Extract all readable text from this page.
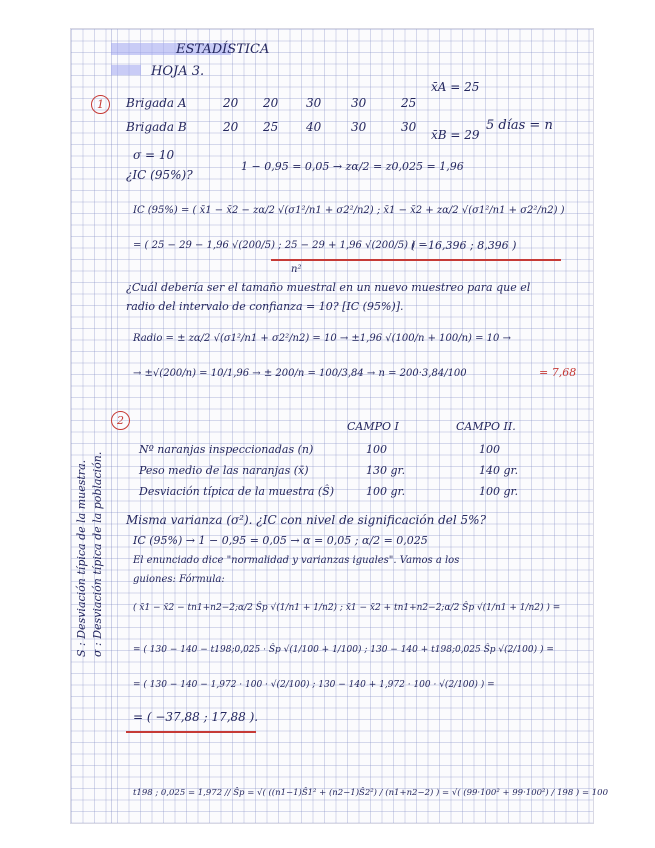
ESTADÍSTICA
HOJA 3.
1	Brigada A	20 20 30 30	25
x̄A = 25
Brigada B	20 25 40 30	30
x̄B = 29
5 días = n
σ = 10
¿IC (95%)?
1 − 0,95 = 0,05 → zα/2 = z0,025 = 1,96
IC (95%) = ( x̄1 − x̄2 − zα/2 √(σ1²/n1 + σ2²/n2) ; x̄1 − x̄2 + zα/2 √(σ1²/n1 + σ2²/n2) )
= ( 25 − 29 − 1,96 √(200/5) ; 25 − 29 + 1,96 √(200/5) ) =
( −16,396 ; 8,396 )
n²
¿Cuál debería ser el tamaño muestral en un nuevo muestreo para que el
radio del intervalo de confianza = 10? [IC (95%)].
Radio = ± zα/2 √(σ1²/n1 + σ2²/n2) = 10 → ±1,96 √(100/n + 100/n) = 10 →
→ ±√(200/n) = 10/1,96 → ± 200/n = 100/3,84 → n = 200·3,84/100	= 7,68
2	CAMPO I	CAMPO II.
Nº naranjas inspeccionadas (n)	100	100
Peso medio de las naranjas (x̄)	130 gr.	140 gr.
Desviación típica de la muestra (Ŝ)	100 gr.	100 gr.
S : Desviación típica de la muestra. σ : Desviación típica de la población. Misma varianza (σ²). ¿IC con nivel de significación del 5%?
IC (95%) → 1 − 0,95 = 0,05 → α = 0,05 ; α/2 = 0,025
El enunciado dice "normalidad y varianzas iguales". Vamos a los
guiones: Fórmula:
( x̄1 − x̄2 − tn1+n2−2;α/2 Ŝp √(1/n1 + 1/n2) ; x̄1 − x̄2 + tn1+n2−2;α/2 Ŝp √(1/n1 + 1/n2) ) =
= ( 130 − 140 − t198;0,025 · Ŝp √(1/100 + 1/100) ; 130 − 140 + t198;0,025 Ŝp √(2/100) ) =
= ( 130 − 140 − 1,972 · 100 · √(2/100) ; 130 − 140 + 1,972 · 100 · √(2/100) ) =
= ( −37,88 ; 17,88 ).
t198 ; 0,025 = 1,972 // Ŝp = √( ((n1−1)Ŝ1² + (n2−1)Ŝ2²) / (n1+n2−2) ) = √( (99·100² + 99·100²) / 198 ) = 100
